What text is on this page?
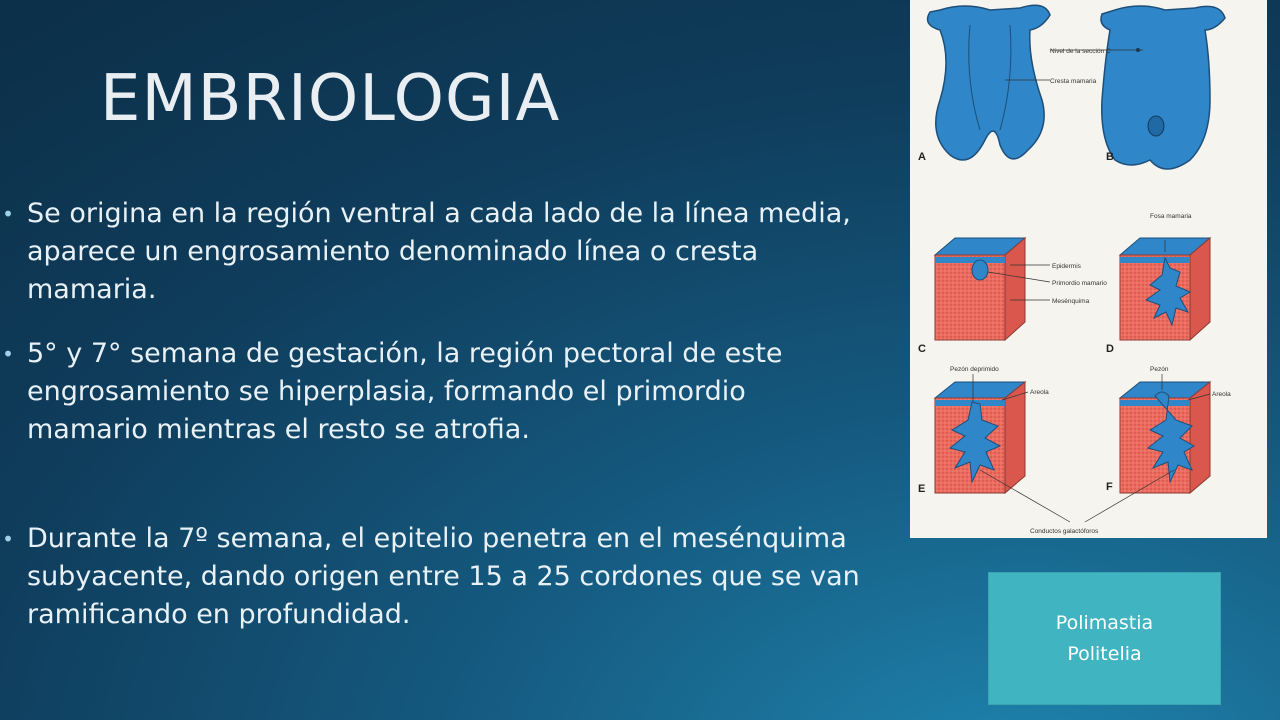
EMBRIOLOGIA
• Se origina en la región ventral a cada lado de la línea media, aparece un engrosamiento denominado línea o cresta mamaria.
• 5° y 7° semana de gestación, la región pectoral de este engrosamiento se hiperplasia, formando el primordio mamario mientras el resto se atrofia.
• Durante la 7º semana, el epitelio penetra en el mesénquima subyacente, dando origen entre 15 a 25 cordones que se van ramificando en profundidad.
Nivel de la sección C
Cresta mamaria
Fosa mamaria
Epidermis
Primordio mamario
Mesénquima
Pezón deprimido
Areola
Pezón
Areola
Conductos galactóforos
A	B
C	D
E	F
Polimastia
Politelia
